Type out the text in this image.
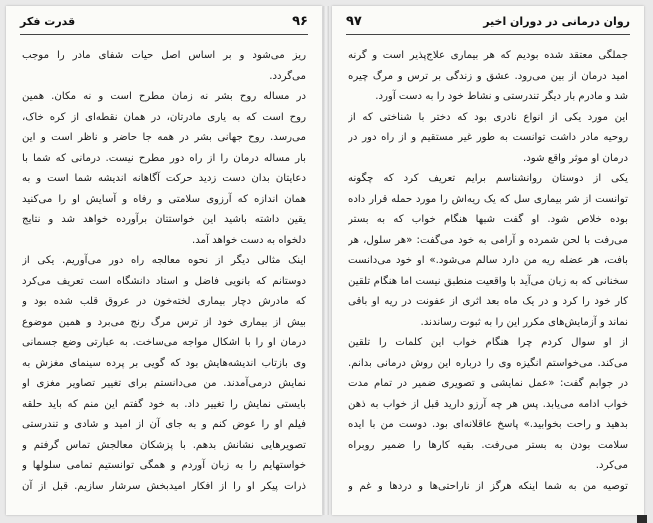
۹۶
قدرت فکر
ریز می‌شود و بر اساس اصل حیات شفای مادر را موجب
می‌گردد.
در مساله روح بشر نه زمان مطرح است و نه مکان. همین
روح است که به یاری مادرتان، در همان نقطه‌ای از کره خاک،
می‌رسد. روح جهانی بشر در همه جا حاضر و ناظر است و این
بار مساله درمان را از راه دور مطرح نیست. درمانی که شما با
دعایتان بدان دست زدید حرکت آگاهانه اندیشه شما است و به
همان اندازه که آرزوی سلامتی و رفاه و آسایش او را می‌کنید
یقین داشته باشید این خواستتان برآورده خواهد شد و نتایج
دلخواه به دست خواهد آمد.
اینک مثالی دیگر از نحوه معالجه راه دور می‌آوریم. یکی از
دوستانم که بانویی فاضل و استاد دانشگاه است تعریف می‌کرد
که مادرش دچار بیماری لخته‌خون در عروق قلب شده بود و
بیش از بیماری خود از ترس مرگ رنج می‌برد و همین موضوع
درمان او را با اشکال مواجه می‌ساخت. به عبارتی وضع جسمانی
وی بازتاب اندیشه‌هایش بود که گویی بر پرده سینمای مغزش به
نمایش درمی‌آمدند. من می‌دانستم برای تغییر تصاویر مغزی او
بایستی نمایش را تغییر داد. به خود گفتم این منم که باید حلقه
فیلم او را عوض کنم و به جای آن از امید و شادی و تندرستی
تصویرهایی نشانش بدهم. با پزشکان معالجش تماس گرفتم و
خواستهایم را به زبان آوردم و همگی توانستیم تمامی سلولها و
ذرات پیکر او را از افکار امیدبخش سرشار سازیم. قبل از آن
۹۷	روان درمانی در دوران اخیر
جملگی معتقد شده بودیم که هر بیماری علاج‌پذیر است و گرنه
امید درمان از بین می‌رود. عشق و زندگی بر ترس و مرگ چیره
شد و مادرم بار دیگر تندرستی و نشاط خود را به دست آورد.
این مورد یکی از انواع نادری بود که دختر با شناختی که از
روحیه مادر داشت توانست به طور غیر مستقیم و از راه دور در
درمان او موثر واقع شود.
یکی از دوستان روانشناسم برایم تعریف کرد که چگونه
توانست از شر بیماری سل که یک ریه‌اش را مورد حمله قرار داده
بوده خلاص شود. او گفت شبها هنگام خواب که به بستر
می‌رفت با لحن شمرده و آرامی به خود می‌گفت: «هر سلول، هر
بافت، هر عضله ریه من دارد سالم می‌شود.» او خود می‌دانست
سخنانی که به زبان می‌آید با واقعیت منطبق نیست اما هنگام تلقین
کار خود را کرد و در یک ماه بعد اثری از عفونت در ریه او باقی
نماند و آزمایش‌های مکرر این را به ثبوت رساندند.
از او سوال کردم چرا هنگام خواب این کلمات را تلقین
می‌کند. می‌خواستم انگیزه وی را درباره این روش درمانی بدانم.
در جوابم گفت: «عمل نمایشی و تصویری ضمیر در تمام مدت
خواب ادامه می‌یابد. پس هر چه آرزو دارید قبل از خواب به ذهن
بدهید و راحت بخوابید.» پاسخ عاقلانه‌ای بود. دوست من با ایده
سلامت بودن به بستر می‌رفت. بقیه کارها را ضمیر روبراه
می‌کرد.
توصیه من به شما اینکه هرگز از ناراحتی‌ها و دردها و غم و
